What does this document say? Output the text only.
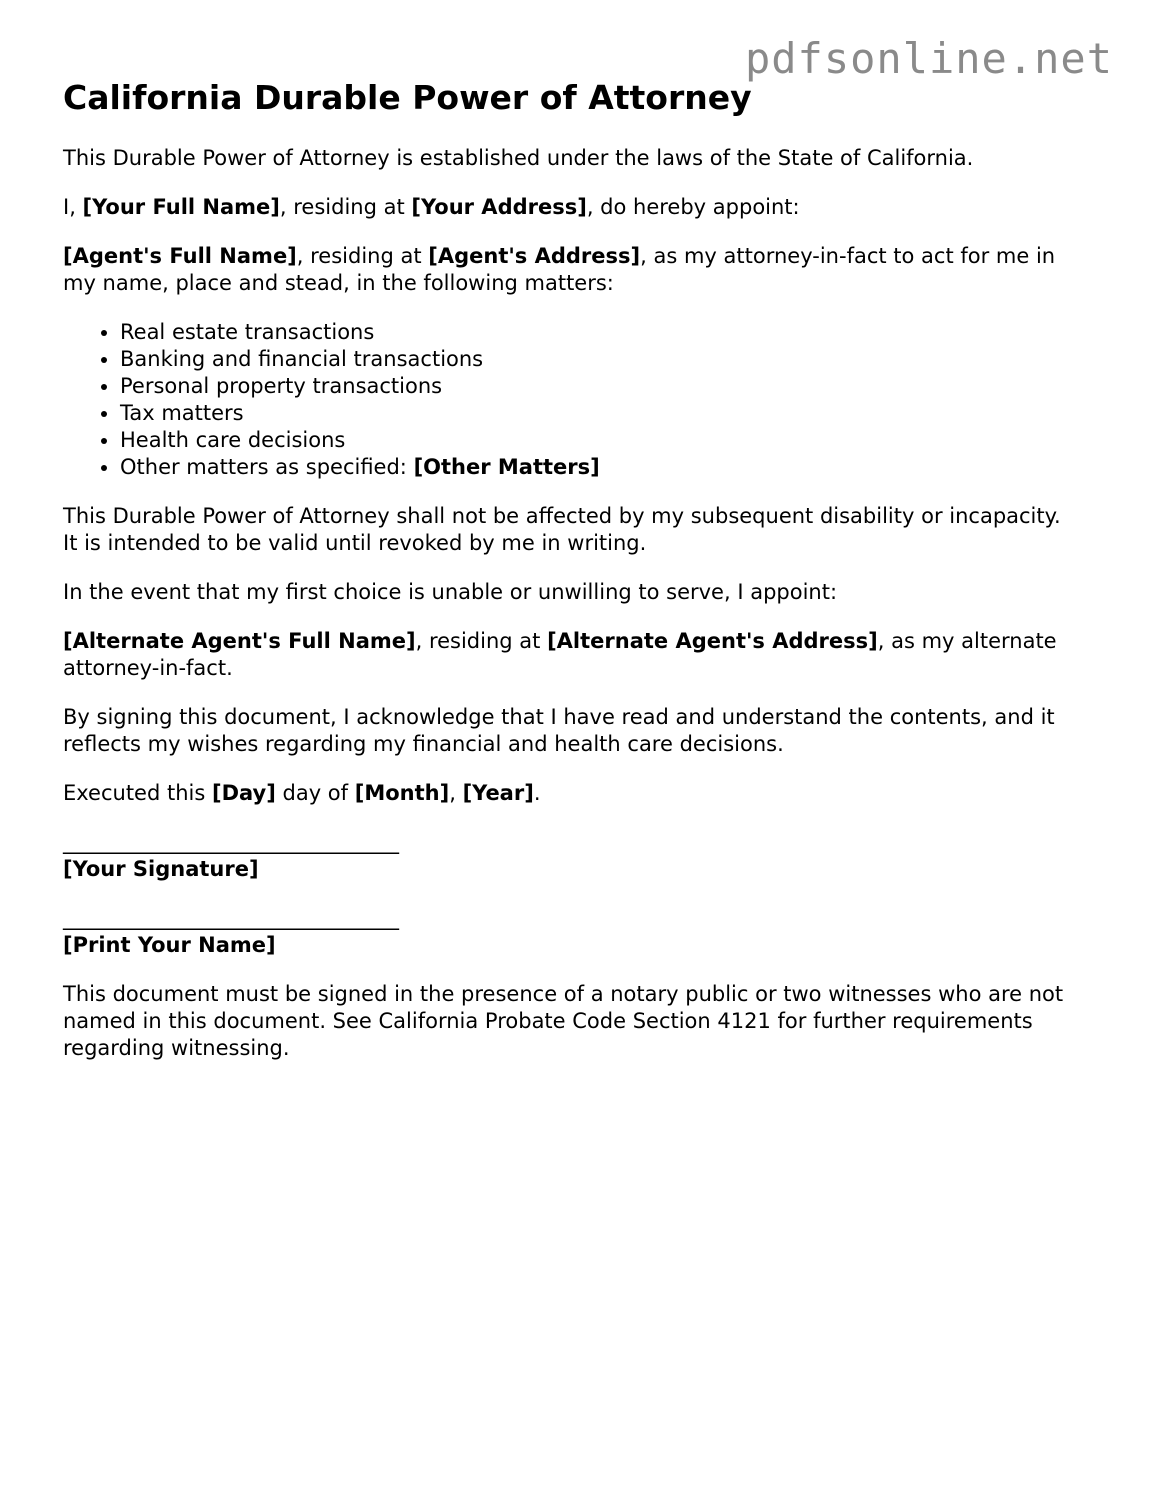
pdfsonline.net
California Durable Power of Attorney

This Durable Power of Attorney is established under the laws of the State of California.

I, [Your Full Name], residing at [Your Address], do hereby appoint:

[Agent's Full Name], residing at [Agent's Address], as my attorney-in-fact to act for me in my name, place and stead, in the following matters:

• Real estate transactions
• Banking and financial transactions
• Personal property transactions
• Tax matters
• Health care decisions
• Other matters as specified: [Other Matters]

This Durable Power of Attorney shall not be affected by my subsequent disability or incapacity. It is intended to be valid until revoked by me in writing.

In the event that my first choice is unable or unwilling to serve, I appoint:

[Alternate Agent's Full Name], residing at [Alternate Agent's Address], as my alternate attorney-in-fact.

By signing this document, I acknowledge that I have read and understand the contents, and it reflects my wishes regarding my financial and health care decisions.

Executed this [Day] day of [Month], [Year].

________________________________
[Your Signature]
________________________________
[Print Your Name]

This document must be signed in the presence of a notary public or two witnesses who are not named in this document. See California Probate Code Section 4121 for further requirements regarding witnessing.
